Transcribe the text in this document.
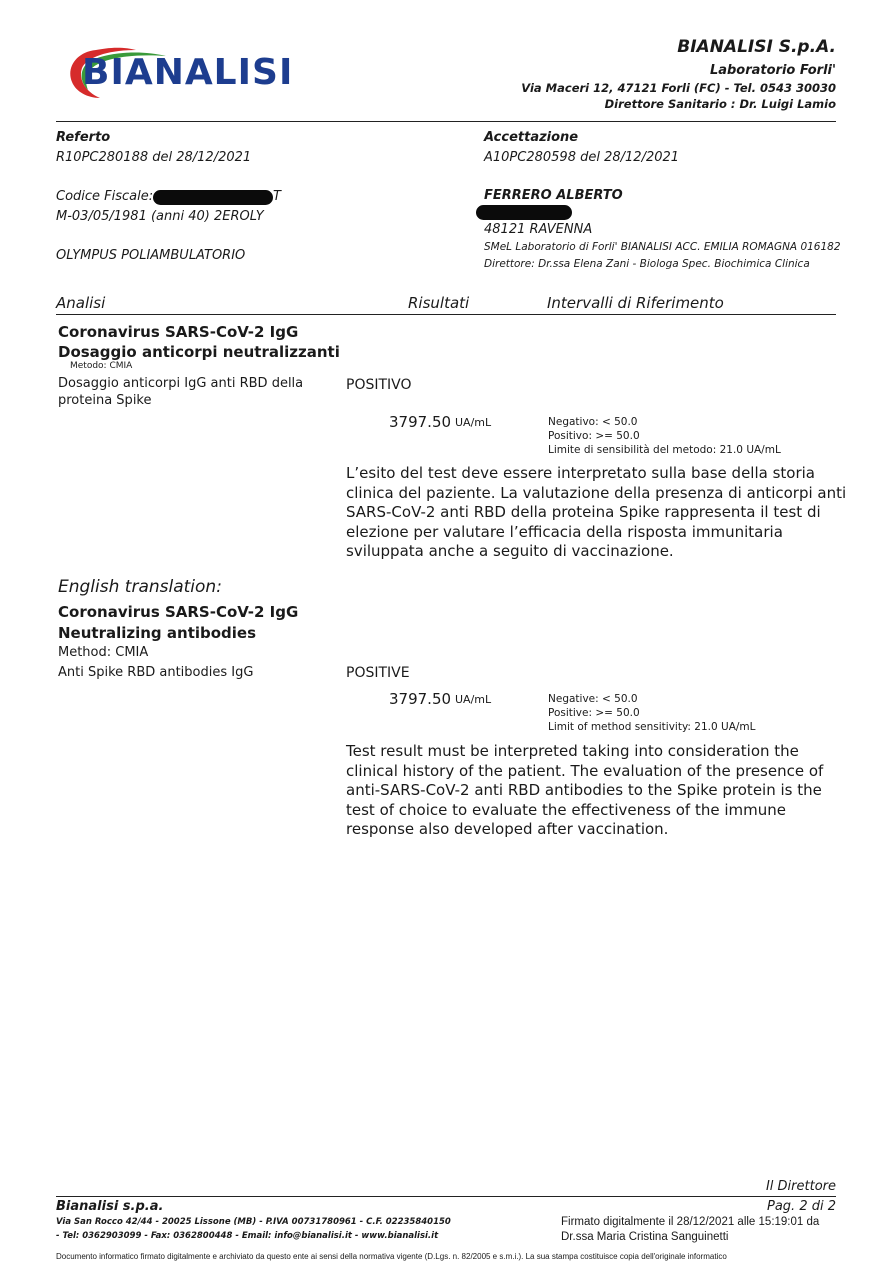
BIANALISI
BIANALISI S.p.A.
Laboratorio Forli'
Via Maceri 12, 47121 Forli (FC) - Tel. 0543 30030
Direttore Sanitario : Dr. Luigi Lamio
Referto
R10PC280188 del 28/12/2021
Accettazione
A10PC280598 del 28/12/2021
Codice Fiscale:	T
M-03/05/1981 (anni 40) 2EROLY
OLYMPUS POLIAMBULATORIO
FERRERO ALBERTO
48121 RAVENNA
SMeL Laboratorio di Forli' BIANALISI ACC. EMILIA ROMAGNA 016182
Direttore: Dr.ssa Elena Zani - Biologa Spec. Biochimica Clinica
Analisi	Risultati	Intervalli di Riferimento
Coronavirus SARS-CoV-2 IgG
Dosaggio anticorpi neutralizzanti
Metodo: CMIA
Dosaggio anticorpi IgG anti RBD della
proteina Spike
POSITIVO
3797.50 UA/mL	Negativo: < 50.0
Positivo: >= 50.0
Limite di sensibilità del metodo: 21.0 UA/mL
L’esito del test deve essere interpretato sulla base della storia
clinica del paziente. La valutazione della presenza di anticorpi anti
SARS-CoV-2 anti RBD della proteina Spike rappresenta il test di
elezione per valutare l’efficacia della risposta immunitaria
sviluppata anche a seguito di vaccinazione.
English translation:
Coronavirus SARS-CoV-2 IgG
Neutralizing antibodies
Method: CMIA
Anti Spike RBD antibodies IgG	POSITIVE
3797.50 UA/mL	Negative: < 50.0
Positive: >= 50.0
Limit of method sensitivity: 21.0 UA/mL
Test result must be interpreted taking into consideration the
clinical history of the patient. The evaluation of the presence of
anti-SARS-CoV-2 anti RBD antibodies to the Spike protein is the
test of choice to evaluate the effectiveness of the immune
response also developed after vaccination.
Il Direttore
Bianalisi s.p.a.	Pag. 2 di 2
Via San Rocco 42/44 - 20025 Lissone (MB) - P.IVA 00731780961 - C.F. 02235840150
- Tel: 0362903099 - Fax: 0362800448 - Email: info@bianalisi.it - www.bianalisi.it
Firmato digitalmente il 28/12/2021 alle 15:19:01 da
Dr.ssa Maria Cristina Sanguinetti
Documento informatico firmato digitalmente e archiviato da questo ente ai sensi della normativa vigente (D.Lgs. n. 82/2005 e s.m.i.). La sua stampa costituisce copia dell'originale informatico
